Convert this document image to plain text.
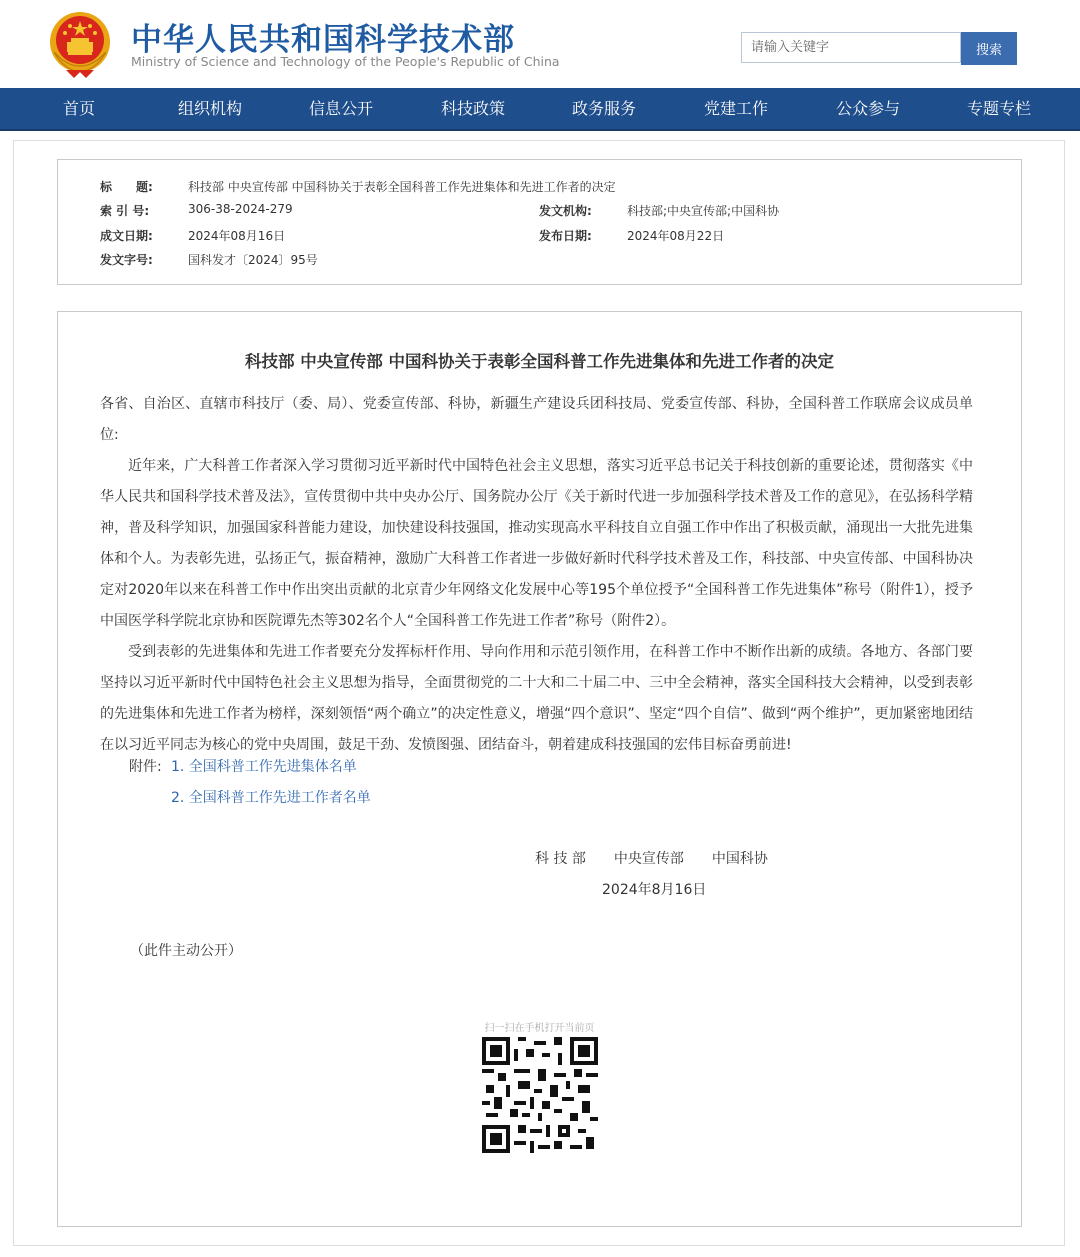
中华人民共和国科学技术部
Ministry of Science and Technology of the People's Republic of China
请输入关键字
搜索
首页	组织机构	信息公开	科技政策	政务服务	党建工作	公众参与	专题专栏
标　　题:	科技部 中央宣传部 中国科协关于表彰全国科普工作先进集体和先进工作者的决定
索 引 号:	306-38-2024-279	发文机构:	科技部;中央宣传部;中国科协
成文日期:	2024年08月16日	发布日期:	2024年08月22日
发文字号:	国科发才〔2024〕95号
科技部 中央宣传部 中国科协关于表彰全国科普工作先进集体和先进工作者的决定

各省、自治区、直辖市科技厅（委、局）、党委宣传部、科协，新疆生产建设兵团科技局、党委宣传部、科协，全国科普工作联席会议成员单位:

近年来，广大科普工作者深入学习贯彻习近平新时代中国特色社会主义思想，落实习近平总书记关于科技创新的重要论述，贯彻落实《中华人民共和国科学技术普及法》，宣传贯彻中共中央办公厅、国务院办公厅《关于新时代进一步加强科学技术普及工作的意见》，在弘扬科学精神，普及科学知识，加强国家科普能力建设，加快建设科技强国，推动实现高水平科技自立自强工作中作出了积极贡献，涌现出一大批先进集体和个人。为表彰先进，弘扬正气，振奋精神，激励广大科普工作者进一步做好新时代科学技术普及工作，科技部、中央宣传部、中国科协决定对2020年以来在科普工作中作出突出贡献的北京青少年网络文化发展中心等195个单位授予“全国科普工作先进集体”称号（附件1），授予中国医学科学院北京协和医院谭先杰等302名个人“全国科普工作先进工作者”称号（附件2）。

受到表彰的先进集体和先进工作者要充分发挥标杆作用、导向作用和示范引领作用，在科普工作中不断作出新的成绩。各地方、各部门要坚持以习近平新时代中国特色社会主义思想为指导，全面贯彻党的二十大和二十届二中、三中全会精神，落实全国科技大会精神，以受到表彰的先进集体和先进工作者为榜样，深刻领悟“两个确立”的决定性意义，增强“四个意识”、坚定“四个自信”、做到“两个维护”，更加紧密地团结在以习近平同志为核心的党中央周围，鼓足干劲、发愤图强、团结奋斗，朝着建成科技强国的宏伟目标奋勇前进!

附件: 1. 全国科普工作先进集体名单
2. 全国科普工作先进工作者名单
科 技 部　　中央宣传部　　中国科协
2024年8月16日
（此件主动公开）
扫一扫在手机打开当前页
